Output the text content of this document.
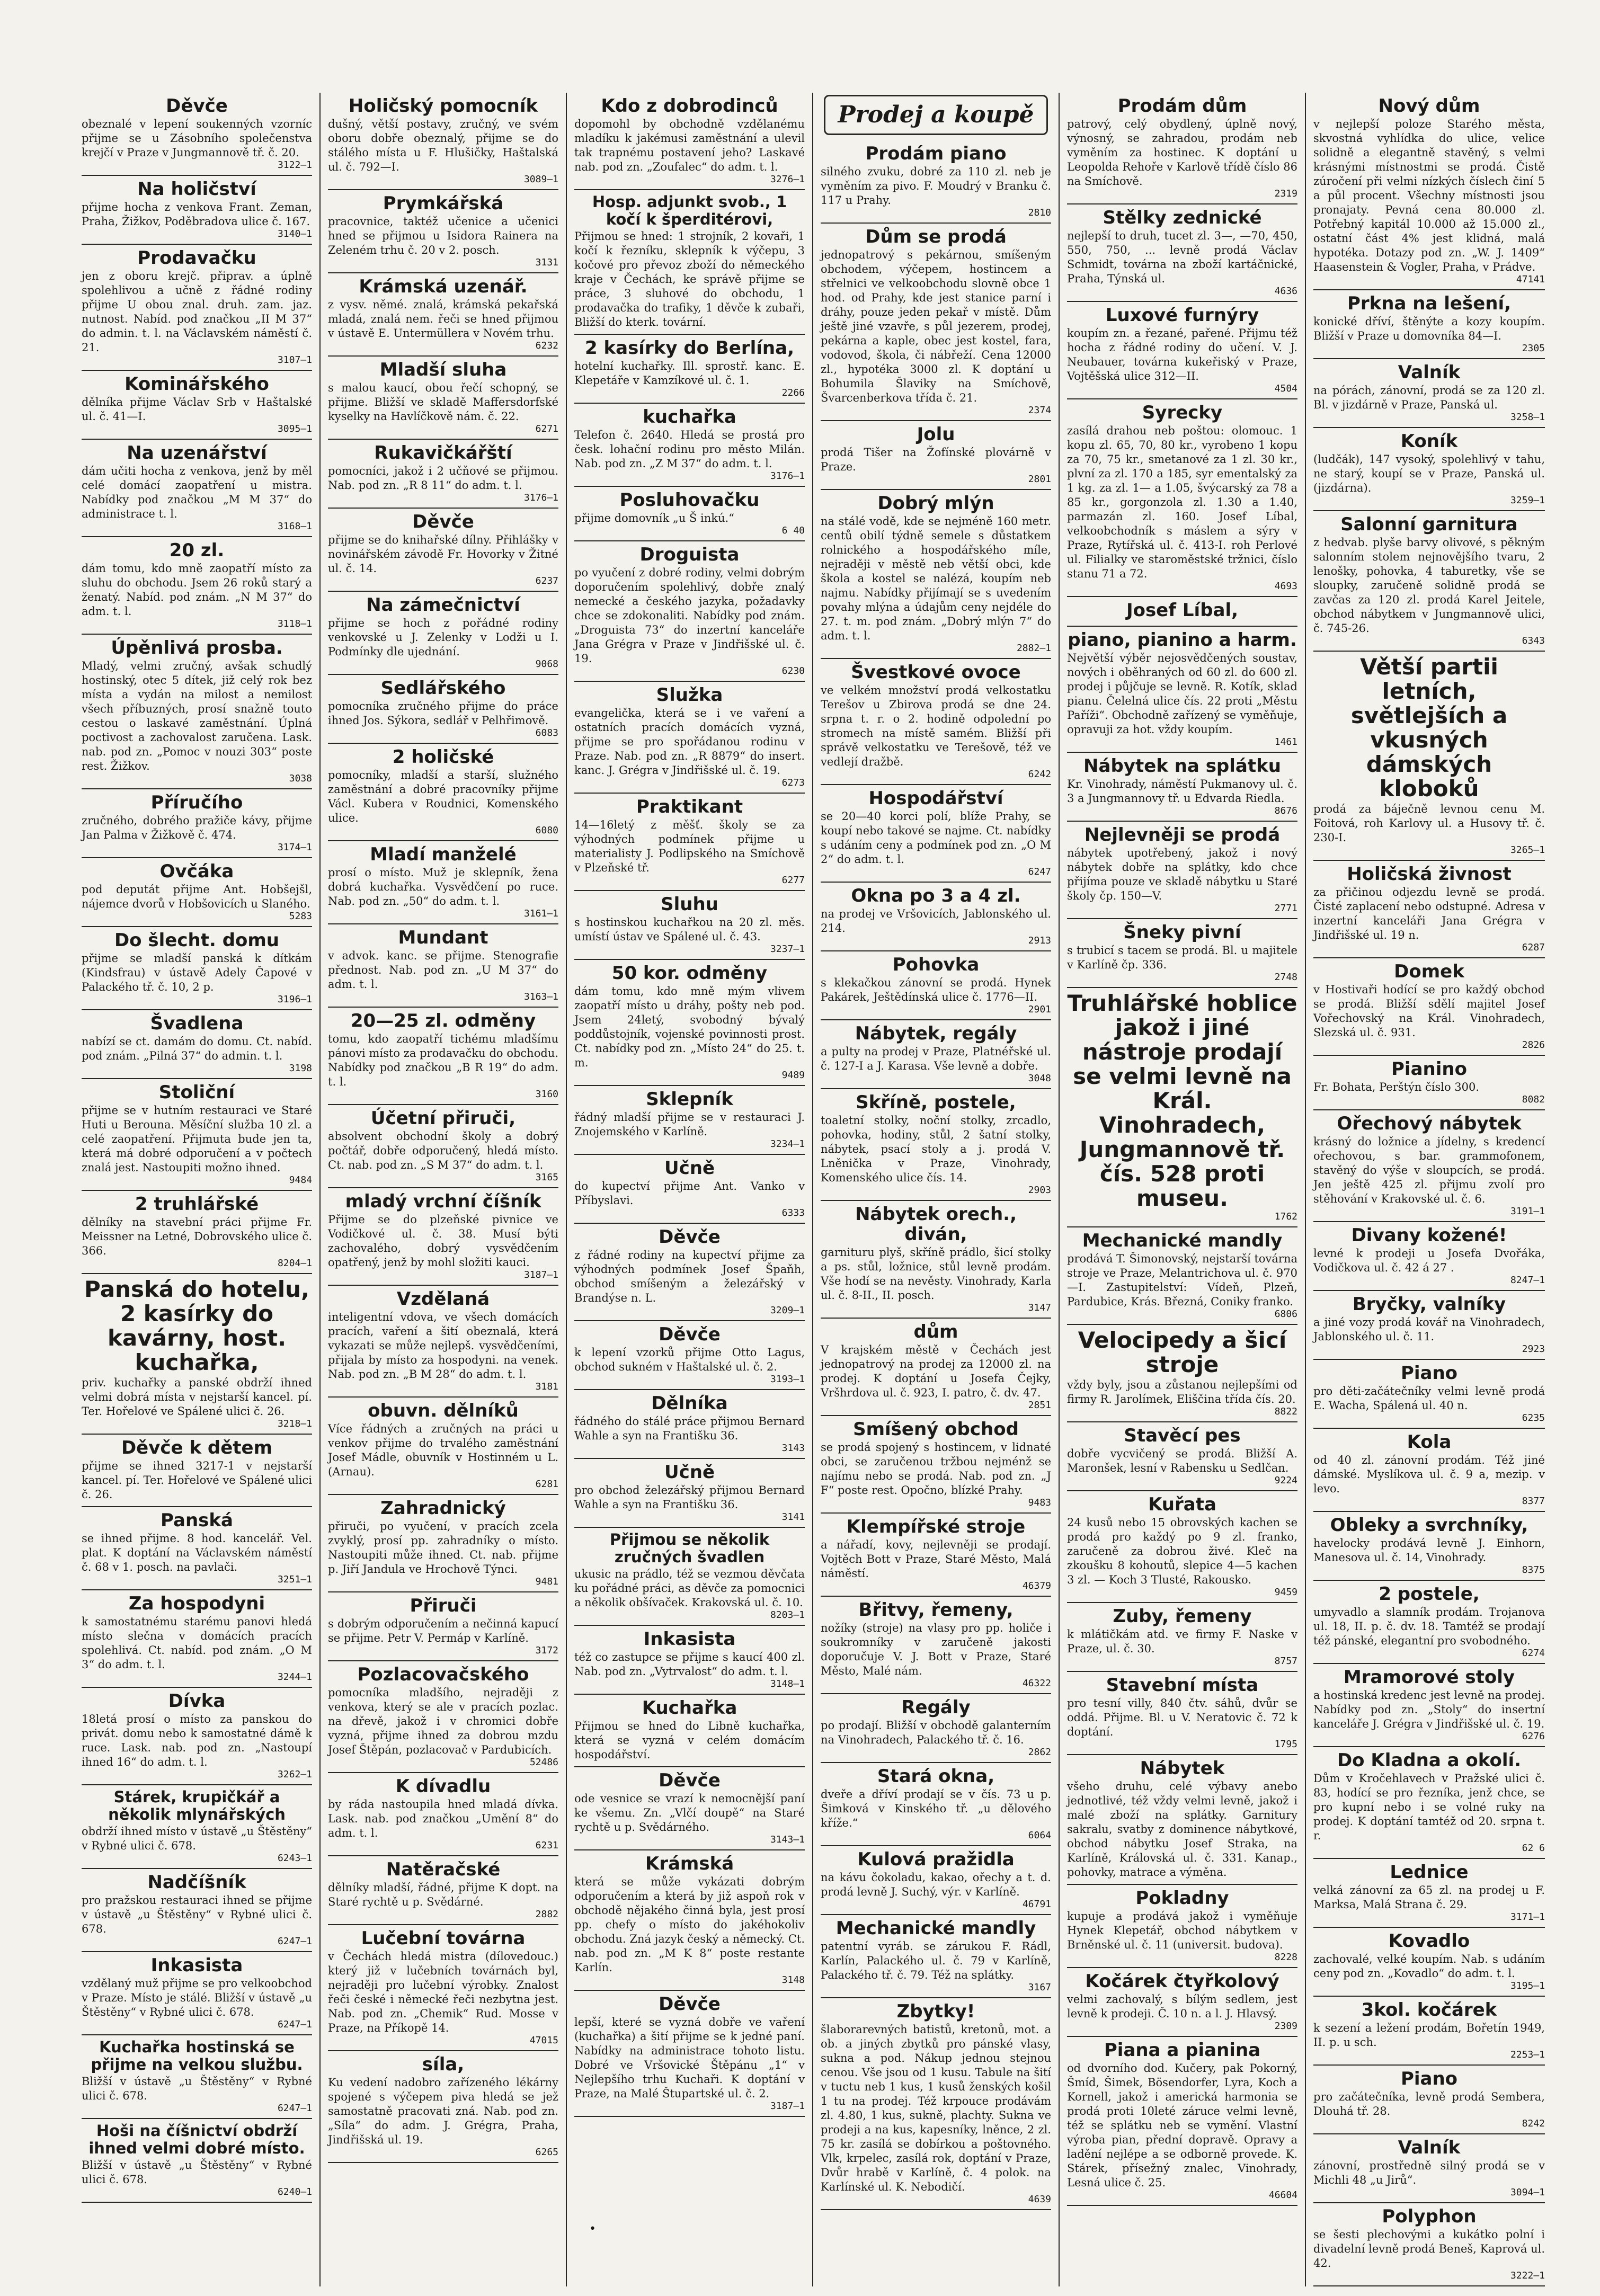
Děvče
obeznalé v lepení soukenných vzorníc přijme se u Zásobního společenstva krejčí v Praze v Jungmannově tř. č. 20.
3122—1
Na holičství
přijme hocha z venkova Frant. Zeman, Praha, Žižkov, Poděbradova ulice č. 167.
3140—1
Prodavačku
jen z oboru krejč. připrav. a úplně spolehlivou a učně z řádné rodiny přijme U obou znal. druh. zam. jaz. nutnost. Nabíd. pod značkou „II M 37“ do admin. t. l. na Václavském náměstí č. 21.
3107—1
Kominářského
dělníka přijme Václav Srb v Haštalské ul. č. 41—I.
3095—1
Na uzenářství
dám učiti hocha z venkova, jenž by měl celé domácí zaopatření u mistra. Nabídky pod značkou „M M 37“ do administrace t. l.
3168—1
20 zl.
dám tomu, kdo mně zaopatří místo za sluhu do obchodu. Jsem 26 roků starý a ženatý. Nabíd. pod znám. „N M 37“ do adm. t. l.
3118—1
Úpěnlivá prosba.
Mladý, velmi zručný, avšak schudlý hostinský, otec 5 dítek, již celý rok bez místa a vydán na milost a nemilost všech příbuzných, prosí snažně touto cestou o laskavé zaměstnání. Úplná poctivost a zachovalost zaručena. Lask. nab. pod zn. „Pomoc v nouzi 303“ poste rest. Žižkov.
3038
Příručího
zručného, dobrého pražiče kávy, přijme Jan Palma v Žižkově č. 474.
3174—1
Ovčáka
pod deputát přijme Ant. Hobšejšl, nájemce dvorů v Hobšovicích u Slaného.
5283
Do šlecht. domu
přijme se mladší panská k dítkám (Kindsfrau) v ústavě Adely Čapové v Palackého tř. č. 10, 2 p.
3196—1
Švadlena
nabízí se ct. damám do domu. Ct. nabíd. pod znám. „Pilná 37“ do admin. t. l.
3198
Stoliční
přijme se v hutním restauraci ve Staré Huti u Berouna. Měsíční služba 10 zl. a celé zaopatření. Přijmuta bude jen ta, která má dobré odporučení a v počtech znalá jest. Nastoupiti možno ihned.
9484
2 truhlářské
dělníky na stavební práci přijme Fr. Meissner na Letné, Dobrovského ulice č. 366.
8204—1
Panská do hotelu, 2 kasírky do kavárny, host. kuchařka,
priv. kuchařky a panské obdrží ihned velmi dobrá místa v nejstarší kancel. pí. Ter. Hořelové ve Spálené ulici č. 26.
3218—1
Děvče k dětem
přijme se ihned 3217-1 v nejstarší kancel. pí. Ter. Hořelové ve Spálené ulici č. 26.
Panská
se ihned přijme. 8 hod. kancelář. Vel. plat. K doptání na Václavském náměstí č. 68 v 1. posch. na pavlači.
3251—1
Za hospodyni
k samostatnému starému panovi hledá místo slečna v domácích pracích spolehlivá. Ct. nabíd. pod znám. „O M 3“ do adm. t. l.
3244—1
Dívka
18letá prosí o místo za panskou do privát. domu nebo k samostatné dámě k ruce. Lask. nab. pod zn. „Nastoupí ihned 16“ do adm. t. l.
3262—1
Stárek, krupičkář a několik mlynářských
obdrží ihned místo v ústavě „u Štěstěny“ v Rybné ulici č. 678.
6243—1
Nadčíšník
pro pražskou restauraci ihned se přijme v ústavě „u Štěstěny“ v Rybné ulici č. 678.
6247—1
Inkasista
vzdělaný muž přijme se pro velkoobchod v Praze. Místo je stálé. Bližší v ústavě „u Štěstěny“ v Rybné ulici č. 678.
6247—1
Kuchařka hostinská se přijme na velkou službu.
Bližší v ústavě „u Štěstěny“ v Rybné ulici č. 678.
6247—1
Hoši na číšnictví obdrží ihned velmi dobré místo.
Bližší v ústavě „u Štěstěny“ v Rybné ulici č. 678.
6240—1
Holičský pomocník
dušný, větší postavy, zručný, ve svém oboru dobře obeznalý, přijme se do stálého místa u F. Hlušičky, Haštalská ul. č. 792—I.
3089—1
Prymkářská
pracovnice, taktéž učenice a učenici hned se přijmou u Isidora Rainera na Zeleném trhu č. 20 v 2. posch.
3131
Krámská uzenář.
z vysv. němé. znalá, krámská pekařská mladá, znalá nem. řeči se hned přijmou v ústavě E. Untermüllera v Novém trhu.
6232
Mladší sluha
s malou kaucí, obou řečí schopný, se přijme. Bližší ve skladě Maffersdorfské kyselky na Havlíčkově nám. č. 22.
6271
Rukavičkářští
pomocníci, jakož i 2 učňové se přijmou. Nab. pod zn. „R 8 11“ do adm. t. l.
3176—1
Děvče
přijme se do knihařské dílny. Přihlášky v novinářském závodě Fr. Hovorky v Žitné ul. č. 14.
6237
Na zámečnictví
přijme se hoch z pořádné rodiny venkovské u J. Zelenky v Lodži u I. Podmínky dle ujednání.
9068
Sedlářského
pomocníka zručného přijme do práce ihned Jos. Sýkora, sedlář v Pelhřimově.
6083
2 holičské
pomocníky, mladší a starší, služného zaměstnání a dobré pracovníky přijme Václ. Kubera v Roudnici, Komenského ulice.
6080
Mladí manželé
prosí o místo. Muž je sklepník, žena dobrá kuchařka. Vysvědčení po ruce. Nab. pod zn. „50“ do adm. t. l.
3161—1
Mundant
v advok. kanc. se přijme. Stenografie přednost. Nab. pod zn. „U M 37“ do adm. t. l.
3163—1
20—25 zl. odměny
tomu, kdo zaopatří tichému mladšímu pánovi místo za prodavačku do obchodu. Nabídky pod značkou „B R 19“ do adm. t. l.
3160
Účetní přiruči,
absolvent obchodní školy a dobrý počtář, dobře odporučený, hledá místo. Ct. nab. pod zn. „S M 37“ do adm. t. l.
3165
mladý vrchní číšník
Přijme se do plzeňské pivnice ve Vodičkové ul. č. 38. Musí býti zachovalého, dobrý vysvědčením opatřený, jenž by mohl složiti kauci.
3187—1
Vzdělaná
inteligentní vdova, ve všech domácích pracích, vaření a šití obeznalá, která vykazati se může nejlepš. vysvědčeními, přijala by místo za hospodyni. na venek. Nab. pod zn. „B M 28“ do adm. t. l.
3181
obuvn. dělníků
Více řádných a zručných na práci u venkov přijme do trvalého zaměstnání Josef Mádle, obuvník v Hostinném u L. (Arnau).
6281
Zahradnický
přiruči, po vyučení, v pracích zcela zvyklý, prosí pp. zahradníky o místo. Nastoupiti může ihned. Ct. nab. přijme p. Jiří Jandula ve Hrochově Týnci.
9481
Přiruči
s dobrým odporučením a nečinná kapucí se přijme. Petr V. Permáp v Karlíně.
3172
Pozlacovačského
pomocníka mladšího, nejraději z venkova, který se ale v pracích pozlac. na dřevě, jakož i v chromici dobře vyzná, přijme ihned za dobrou mzdu Josef Štěpán, pozlacovač v Pardubicích.
52486
K dívadlu
by ráda nastoupila hned mladá dívka. Lask. nab. pod značkou „Umění 8“ do adm. t. l.
6231
Natěračské
dělníky mladší, řádné, přijme K dopt. na Staré rychtě u p. Svědárné.
2882
Lučební továrna
v Čechách hledá mistra (dílovedouc.) který již v lučebních továrnách byl, nejraději pro lučební výrobky. Znalost řeči české i německé řeči nezbytna jest. Nab. pod zn. „Chemik“ Rud. Mosse v Praze, na Příkopě 14.
47015
síla,
Ku vedení nadobro zařízeného lékárny spojené s výčepem piva hledá se jež samostatně pracovati zná. Nab. pod zn. „Síla“ do adm. J. Grégra, Praha, Jindřišská ul. 19.
6265
Kdo z dobrodinců
dopomohl by obchodně vzdělanému mladíku k jakémusi zaměstnání a ulevil tak trapnému postavení jeho? Laskavé nab. pod zn. „Zoufalec“ do adm. t. l.
3276—1
Hosp. adjunkt svob., 1 kočí k šperditérovi,
Přijmou se hned: 1 strojník, 2 kovaři, 1 kočí k řezníku, sklepník k výčepu, 3 kočové pro převoz zboží do německého kraje v Čechách, ke správě přijme se práce, 3 sluhové do obchodu, 1 prodavačka do trafiky, 1 děvče k zubaři, Bližší do kterk. tovární.
2 kasírky do Berlína,
hotelní kuchařky. Ill. sprostř. kanc. E. Klepetáře v Kamzíkové ul. č. 1.
2266
kuchařka
Telefon č. 2640. Hledá se prostá pro česk. lohační rodinu pro město Milán. Nab. pod zn. „Z M 37“ do adm. t. l.
3176—1
Posluhovačku
přijme domovník „u Š inkú.“
6 40
Droguista
po vyučení z dobré rodiny, velmi dobrým doporučením spolehlivý, dobře znalý nemecké a českého jazyka, požadavky chce se zdokonaliti. Nabídky pod znám. „Droguista 73“ do inzertní kanceláře Jana Grégra v Praze v Jindřišské ul. č. 19.
6230
Služka
evangelička, která se i ve vaření a ostatních pracích domácích vyzná, přijme se pro spořádanou rodinu v Praze. Nab. pod zn. „R 8879“ do insert. kanc. J. Grégra v Jindřišské ul. č. 19.
6273
Praktikant
14—16letý z měšť. školy se za výhodných podmínek přijme u materialisty J. Podlipského na Smíchově v Plzeňské tř.
6277
Sluhu
s hostinskou kuchařkou na 20 zl. měs. umístí ústav ve Spálené ul. č. 43.
3237—1
50 kor. odměny
dám tomu, kdo mně mým vlivem zaopatří místo u dráhy, pošty neb pod. Jsem 24letý, svobodný bývalý poddůstojník, vojenské povinnosti prost. Ct. nabídky pod zn. „Místo 24“ do 25. t. m.
9489
Sklepník
řádný mladší přijme se v restauraci J. Znojemského v Karlíně.
3234—1
Učně
do kupectví přijme Ant. Vanko v Příbyslavi.
6333
Děvče
z řádné rodiny na kupectví přijme za výhodných podmínek Josef Špaňh, obchod smíšeným a železářský v Brandýse n. L.
3209—1
Děvče
k lepení vzorků přijme Otto Lagus, obchod sukném v Haštalské ul. č. 2.
3193—1
Dělníka
řádného do stálé práce přijmou Bernard Wahle a syn na Františku 36.
3143
Učně
pro obchod železářský přijmou Bernard Wahle a syn na Františku 36.
3141
Přijmou se několik zručných švadlen
ukusic na prádlo, též se vezmou děvčata ku pořádné práci, as děvče za pomocnici a několik obšívaček. Krakovská ul. č. 10.
8203—1
Inkasista
též co zastupce se přijme s kaucí 400 zl. Nab. pod zn. „Vytrvalost“ do adm. t. l.
3148—1
Kuchařka
Přijmou se hned do Libně kuchařka, která se vyzná v celém domácím hospodářství.
Děvče
ode vesnice se vrazí k nemocnější paní ke všemu. Zn. „Vlčí doupě“ na Staré rychtě u p. Svědárného.
3143—1
Krámská
která se může vykázati dobrým odporučením a která by již aspoň rok v obchodě nějakého činná byla, jest prosí pp. chefy o místo do jakéhokoliv obchodu. Zná jazyk český a německý. Ct. nab. pod zn. „M K 8“ poste restante Karlín.
3148
Děvče
lepší, které se vyzná dobře ve vaření (kuchařka) a šití přijme se k jedné paní. Nabídky na administrace tohoto listu. Dobré ve Vršovické Štěpánu „1“ v Nejlepšího trhu Kuchaři. K doptání v Praze, na Malé Štupartské ul. č. 2.
3187—1
Prodej a koupě
Prodám piano
silného zvuku, dobré za 110 zl. neb je vyměním za pivo. F. Moudrý v Branku č. 117 u Prahy.
2810
Dům se prodá
jednopatrový s pekárnou, smíšeným obchodem, výčepem, hostincem a střelnici ve velkoobchodu slovně obce 1 hod. od Prahy, kde jest stanice parní i dráhy, pouze jeden pekař v místě. Dům ještě jiné vzavře, s půl jezerem, prodej, pekárna a kaple, obec jest kostel, fara, vodovod, škola, či nábřeží. Cena 12000 zl., hypotéka 3000 zl. K doptání u Bohumila Šlaviky na Smíchově, Švarcenberkova třída č. 21.
2374
Jolu
prodá Tišer na Žofínské plovárně v Praze.
2801
Dobrý mlýn
na stálé vodě, kde se nejméně 160 metr. centů obilí týdně semele s důstatkem rolnického a hospodářského míle, nejraději v městě neb větší obci, kde škola a kostel se nalézá, koupím neb najmu. Nabídky přijímají se s uvedením povahy mlýna a údajům ceny nejdéle do 27. t. m. pod znám. „Dobrý mlýn 7“ do adm. t. l.
2882—1
Švestkové ovoce
ve velkém množství prodá velkostatku Terešov u Zbirova prodá se dne 24. srpna t. r. o 2. hodině odpolední po stromech na místě samém. Bližší při správě velkostatku ve Terešově, též ve vedlejí dražbě.
6242
Hospodářství
se 20—40 korci polí, blíže Prahy, se koupí nebo takové se najme. Ct. nabídky s udáním ceny a podmínek pod zn. „O M 2“ do adm. t. l.
6247
Okna po 3 a 4 zl.
na prodej ve Vršovicích, Jablonského ul. 214.
2913
Pohovka
s klekačkou zánovní se prodá. Hynek Pakárek, Ještědínská ulice č. 1776—II.
2901
Nábytek, regály
a pulty na prodej v Praze, Platnéřské ul. č. 127-I a J. Karasa. Vše levně a dobře.
3048
Skříně, postele,
toaletní stolky, noční stolky, zrcadlo, pohovka, hodiny, stůl, 2 šatní stolky, nábytek, psací stoly a j. prodá V. Lněnička v Praze, Vinohrady, Komenského ulice čís. 14.
2903
Nábytek orech., diván,
garnituru plyš, skříně prádlo, šicí stolky a ps. stůl, ložnice, stůl levně prodám. Vše hodí se na nevěsty. Vinohrady, Karla ul. č. 8-II., II. posch.
3147
dům
V krajském městě v Čechách jest jednopatrový na prodej za 12000 zl. na prodej. K doptání u Josefa Čejky, Vršhrdova ul. č. 923, I. patro, č. dv. 47.
2851
Smíšený obchod
se prodá spojený s hostincem, v lidnaté obci, se zaručenou tržbou nejménž se najímu nebo se prodá. Nab. pod zn. „J F“ poste rest. Opočno, blízké Prahy.
9483
Klempířské stroje
a nářadí, kovy, nejlevněji se prodají. Vojtěch Bott v Praze, Staré Město, Malá náměstí.
46379
Břitvy, řemeny,
nožíky (stroje) na vlasy pro pp. holiče i soukromníky v zaručeně jakosti doporučuje V. J. Bott v Praze, Staré Město, Malé nám.
46322
Regály
po prodají. Bližší v obchodě galanterním na Vinohradech, Palackého tř. č. 16.
2862
Stará okna,
dveře a dříví prodají se v čís. 73 u p. Šimková v Kinského tř. „u dělového kříže.“
6064
Kulová pražidla
na kávu čokoladu, kakao, ořechy a t. d. prodá levně J. Suchý, výr. v Karlíně.
46791
Mechanické mandly
patentní vyráb. se zárukou F. Rádl, Karlín, Palackého ul. č. 79 v Karlíně, Palackého tř. č. 79. Též na splátky.
3167
Zbytky!
šlaborarevných batistů, kretonů, mot. a ob. a jiných zbytků pro pánské vlasy, sukna a pod. Nákup jednou stejnou cenou. Vše jsou od 1 kusu. Tabule na šití v tuctu neb 1 kus, 1 kusů ženských košil 1 tu na prodej. Též krpouce prodávám zl. 4.80, 1 kus, sukně, plachty. Sukna ve prodeji a na kus, kapesníky, lněnce, 2 zl. 75 kr. zasílá se dobírkou a poštovného. Vlk, krpelec, zasílá rok, doptání v Praze, Dvůr hrabě v Karlíně, č. 4 polok. na Karlínské ul. K. Nebodičí.
4639
Prodám dům
patrový, celý obydlený, úplně nový, výnosný, se zahradou, prodám neb vyměním za hostinec. K doptání u Leopolda Rehoře v Karlově třídě číslo 86 na Smíchově.
2319
Stělky zednické
nejlepší to druh, tucet zl. 3—, —70, 450, 550, 750, ... levně prodá Václav Schmidt, továrna na zboží kartáčnické, Praha, Týnská ul.
4636
Luxové furnýry
koupím zn. a řezané, pařené. Přijmu též hocha z řádné rodiny do učení. V. J. Neubauer, továrna kukeřiský v Praze, Vojtěšská ulice 312—II.
4504
Syrecky
zasílá drahou neb poštou: olomouc. 1 kopu zl. 65, 70, 80 kr., vyrobeno 1 kopu za 70, 75 kr., smetanové za 1 zl. 30 kr., plvní za zl. 170 a 185, syr ementalský za 1 kg. za zl. 1— a 1.05, švýcarský za 78 a 85 kr., gorgonzola zl. 1.30 a 1.40, parmazán zl. 160. Josef Líbal, velkoobchodník s máslem a sýry v Praze, Rytířská ul. č. 413-I. roh Perlové ul. Filialky ve staroměstské tržnici, číslo stanu 71 a 72.
4693
Josef Líbal,
piano, pianino a harm.
Největší výběr nejosvědčených soustav, nových i oběhraných od 60 zl. do 600 zl. prodej i půjčuje se levně. R. Kotík, sklad pianu. Čelelná ulice čís. 22 proti „Městu Paříži“. Obchodně zařízený se vyměňuje, opravuji za hot. vždy koupím.
1461
Nábytek na splátku
Kr. Vinohrady, náměstí Pukmanovy ul. č. 3 a Jungmannovy tř. u Edvarda Riedla.
8676
Nejlevněji se prodá
nábytek upotřebený, jakož i nový nábytek dobře na splátky, kdo chce přijíma pouze ve skladě nábytku u Staré školy čp. 150—V.
2771
Šneky pivní
s trubicí s tacem se prodá. Bl. u majitele v Karlíně čp. 336.
2748
Truhlářské hoblice jakož i jiné nástroje prodají se velmi levně na Král. Vinohradech, Jungmannově tř. čís. 528 proti museu.
1762
Mechanické mandly
prodává T. Šimonovský, nejstarší továrna stroje ve Praze, Melantrichova ul. č. 970—I. Zastupitelství: Vídeň, Plzeň, Pardubice, Krás. Březná, Coniky franko.
6806
Velocipedy a šicí stroje
vždy byly, jsou a zůstanou nejlepšími od firmy R. Jarolímek, Eliščina třída čís. 20.
8822
Stavěcí pes
dobře vycvičený se prodá. Bližší A. Maronšek, lesní v Rabensku u Sedlčan.
9224
Kuřata
24 kusů nebo 15 obrovských kachen se prodá pro každý po 9 zl. franko, zaručeně za dobrou živé. Kleč na zkoušku 8 kohoutů, slepice 4—5 kachen 3 zl. — Koch 3 Tlusté, Rakousko.
9459
Zuby, řemeny
k mlátičkám atd. ve firmy F. Naske v Praze, ul. č. 30.
8757
Stavební místa
pro tesní villy, 840 čtv. sáhů, dvůr se oddá. Přijme. Bl. u V. Neratovic č. 72 k doptání.
1795
Nábytek
všeho druhu, celé výbavy anebo jednotlivé, též vždy velmi levně, jakož i malé zboží na splátky. Garnitury sakralu, svatby z dominence nábytkové, obchod nábytku Josef Straka, na Karlíně, Královská ul. č. 331. Kanap., pohovky, matrace a výměna.
Pokladny
kupuje a prodává jakož i vyměňuje Hynek Klepetář, obchod nábytkem v Brněnské ul. č. 11 (universit. budova).
8228
Kočárek čtyřkolový
velmi zachovalý, s bílým sedlem, jest levně k prodeji. Č. 10 n. a l. J. Hlavsý.
2309
Piana a pianina
od dvorního dod. Kučery, pak Pokorný, Šmíd, Šimek, Bösendorfer, Lyra, Koch a Kornell, jakož i americká harmonia se prodá proti 10leté záruce velmi levně, též se splátku neb se vymění. Vlastní výroba pian, přední dopravě. Opravy a ladění nejlépe a se odborně provede. K. Stárek, přísežný znalec, Vinohrady, Lesná ulice č. 25.
46604
Nový dům
v nejlepší poloze Starého města, skvostná vyhlídka do ulice, velice solidně a elegantně stavěný, s velmi krásnými místnostmi se prodá. Čistě zúročení při velmi nízkých číslech činí 5 a půl procent. Všechny místnosti jsou pronajaty. Pevná cena 80.000 zl. Potřebný kapitál 10.000 až 15.000 zl., ostatní část 4% jest klidná, malá hypotéka. Dotazy pod zn. „W. J. 1409“ Haasenstein & Vogler, Praha, v Prádve.
47141
Prkna na lešení,
konické dříví, štěnýte a kozy koupím. Bližší v Praze u domovníka 84—I.
2305
Valník
na pórách, zánovní, prodá se za 120 zl. Bl. v jizdárně v Praze, Panská ul.
3258—1
Koník
(ludčák), 147 vysoký, spolehlivý v tahu, ne starý, koupí se v Praze, Panská ul. (jizdárna).
3259—1
Salonní garnitura
z hedvab. plyše barvy olivové, s pěkným salonním stolem nejnovějšího tvaru, 2 lenošky, pohovka, 4 taburetky, vše se sloupky, zaručeně solidně prodá se zavčas za 120 zl. prodá Karel Jeitele, obchod nábytkem v Jungmannově ulici, č. 745-26.
6343
Větší partii letních, světlejších a vkusných dámských kloboků
prodá za báječně levnou cenu M. Foitová, roh Karlovy ul. a Husovy tř. č. 230-I.
3265—1
Holičská živnost
za přičinou odjezdu levně se prodá. Čisté zaplacení nebo odstupné. Adresa v inzertní kanceláři Jana Grégra v Jindřišské ul. 19 n.
6287
Domek
v Hostivaři hodící se pro každý obchod se prodá. Bližší sdělí majitel Josef Vořechovský na Král. Vinohradech, Slezská ul. č. 931.
2826
Pianino
Fr. Bohata, Perštýn číslo 300.
8082
Ořechový nábytek
krásný do ložnice a jídelny, s kredencí ořechovou, s bar. grammofonem, stavěný do výše v sloupcích, se prodá. Jen ještě 425 zl. přijmu zvolí pro stěhování v Krakovské ul. č. 6.
3191—1
Divany kožené!
levné k prodeji u Josefa Dvořáka, Vodičkova ul. č. 42 á 27 .
8247—1
Bryčky, valníky
a jiné vozy prodá kovář na Vinohradech, Jablonského ul. č. 11.
2923
Piano
pro děti-začátečníky velmi levně prodá E. Wacha, Spálená ul. 40 n.
6235
Kola
od 40 zl. zánovní prodám. Též jiné dámské. Myslíkova ul. č. 9 a, mezip. v levo.
8377
Obleky a svrchníky,
havelocky prodává levně J. Einhorn, Manesova ul. č. 14, Vinohrady.
8375
2 postele,
umyvadlo a slamník prodám. Trojanova ul. 18, II. p. č. dv. 18. Tamtéž se prodají též pánské, elegantní pro svobodného.
6274
Mramorové stoly
a hostinská kredenc jest levně na prodej. Nabídky pod zn. „Stoly“ do insertní kanceláře J. Grégra v Jindřišské ul. č. 19.
6276
Do Kladna a okolí.
Dům v Kročehlavech v Pražské ulici č. 83, hodící se pro řezníka, jenž chce, se pro kupní nebo i se volné ruky na prodej. K doptání tamtéž od 20. srpna t. r.
62 6
Lednice
velká zánovní za 65 zl. na prodej u F. Marksa, Malá Strana č. 29.
3171—1
Kovadlo
zachovalé, velké koupím. Nab. s udáním ceny pod zn. „Kovadlo“ do adm. t. l.
3195—1
3kol. kočárek
k sezení a ležení prodám, Bořetín 1949, II. p. u sch.
2253—1
Piano
pro začátečníka, levně prodá Sembera, Dlouhá tř. 28.
8242
Valník
zánovní, prostředně silný prodá se v Michli 48 „u Jirů“.
3094—1
Polyphon
se šesti plechovými a kukátko polní i divadelní levně prodá Beneš, Kaprová ul. 42.
3222—1
•
